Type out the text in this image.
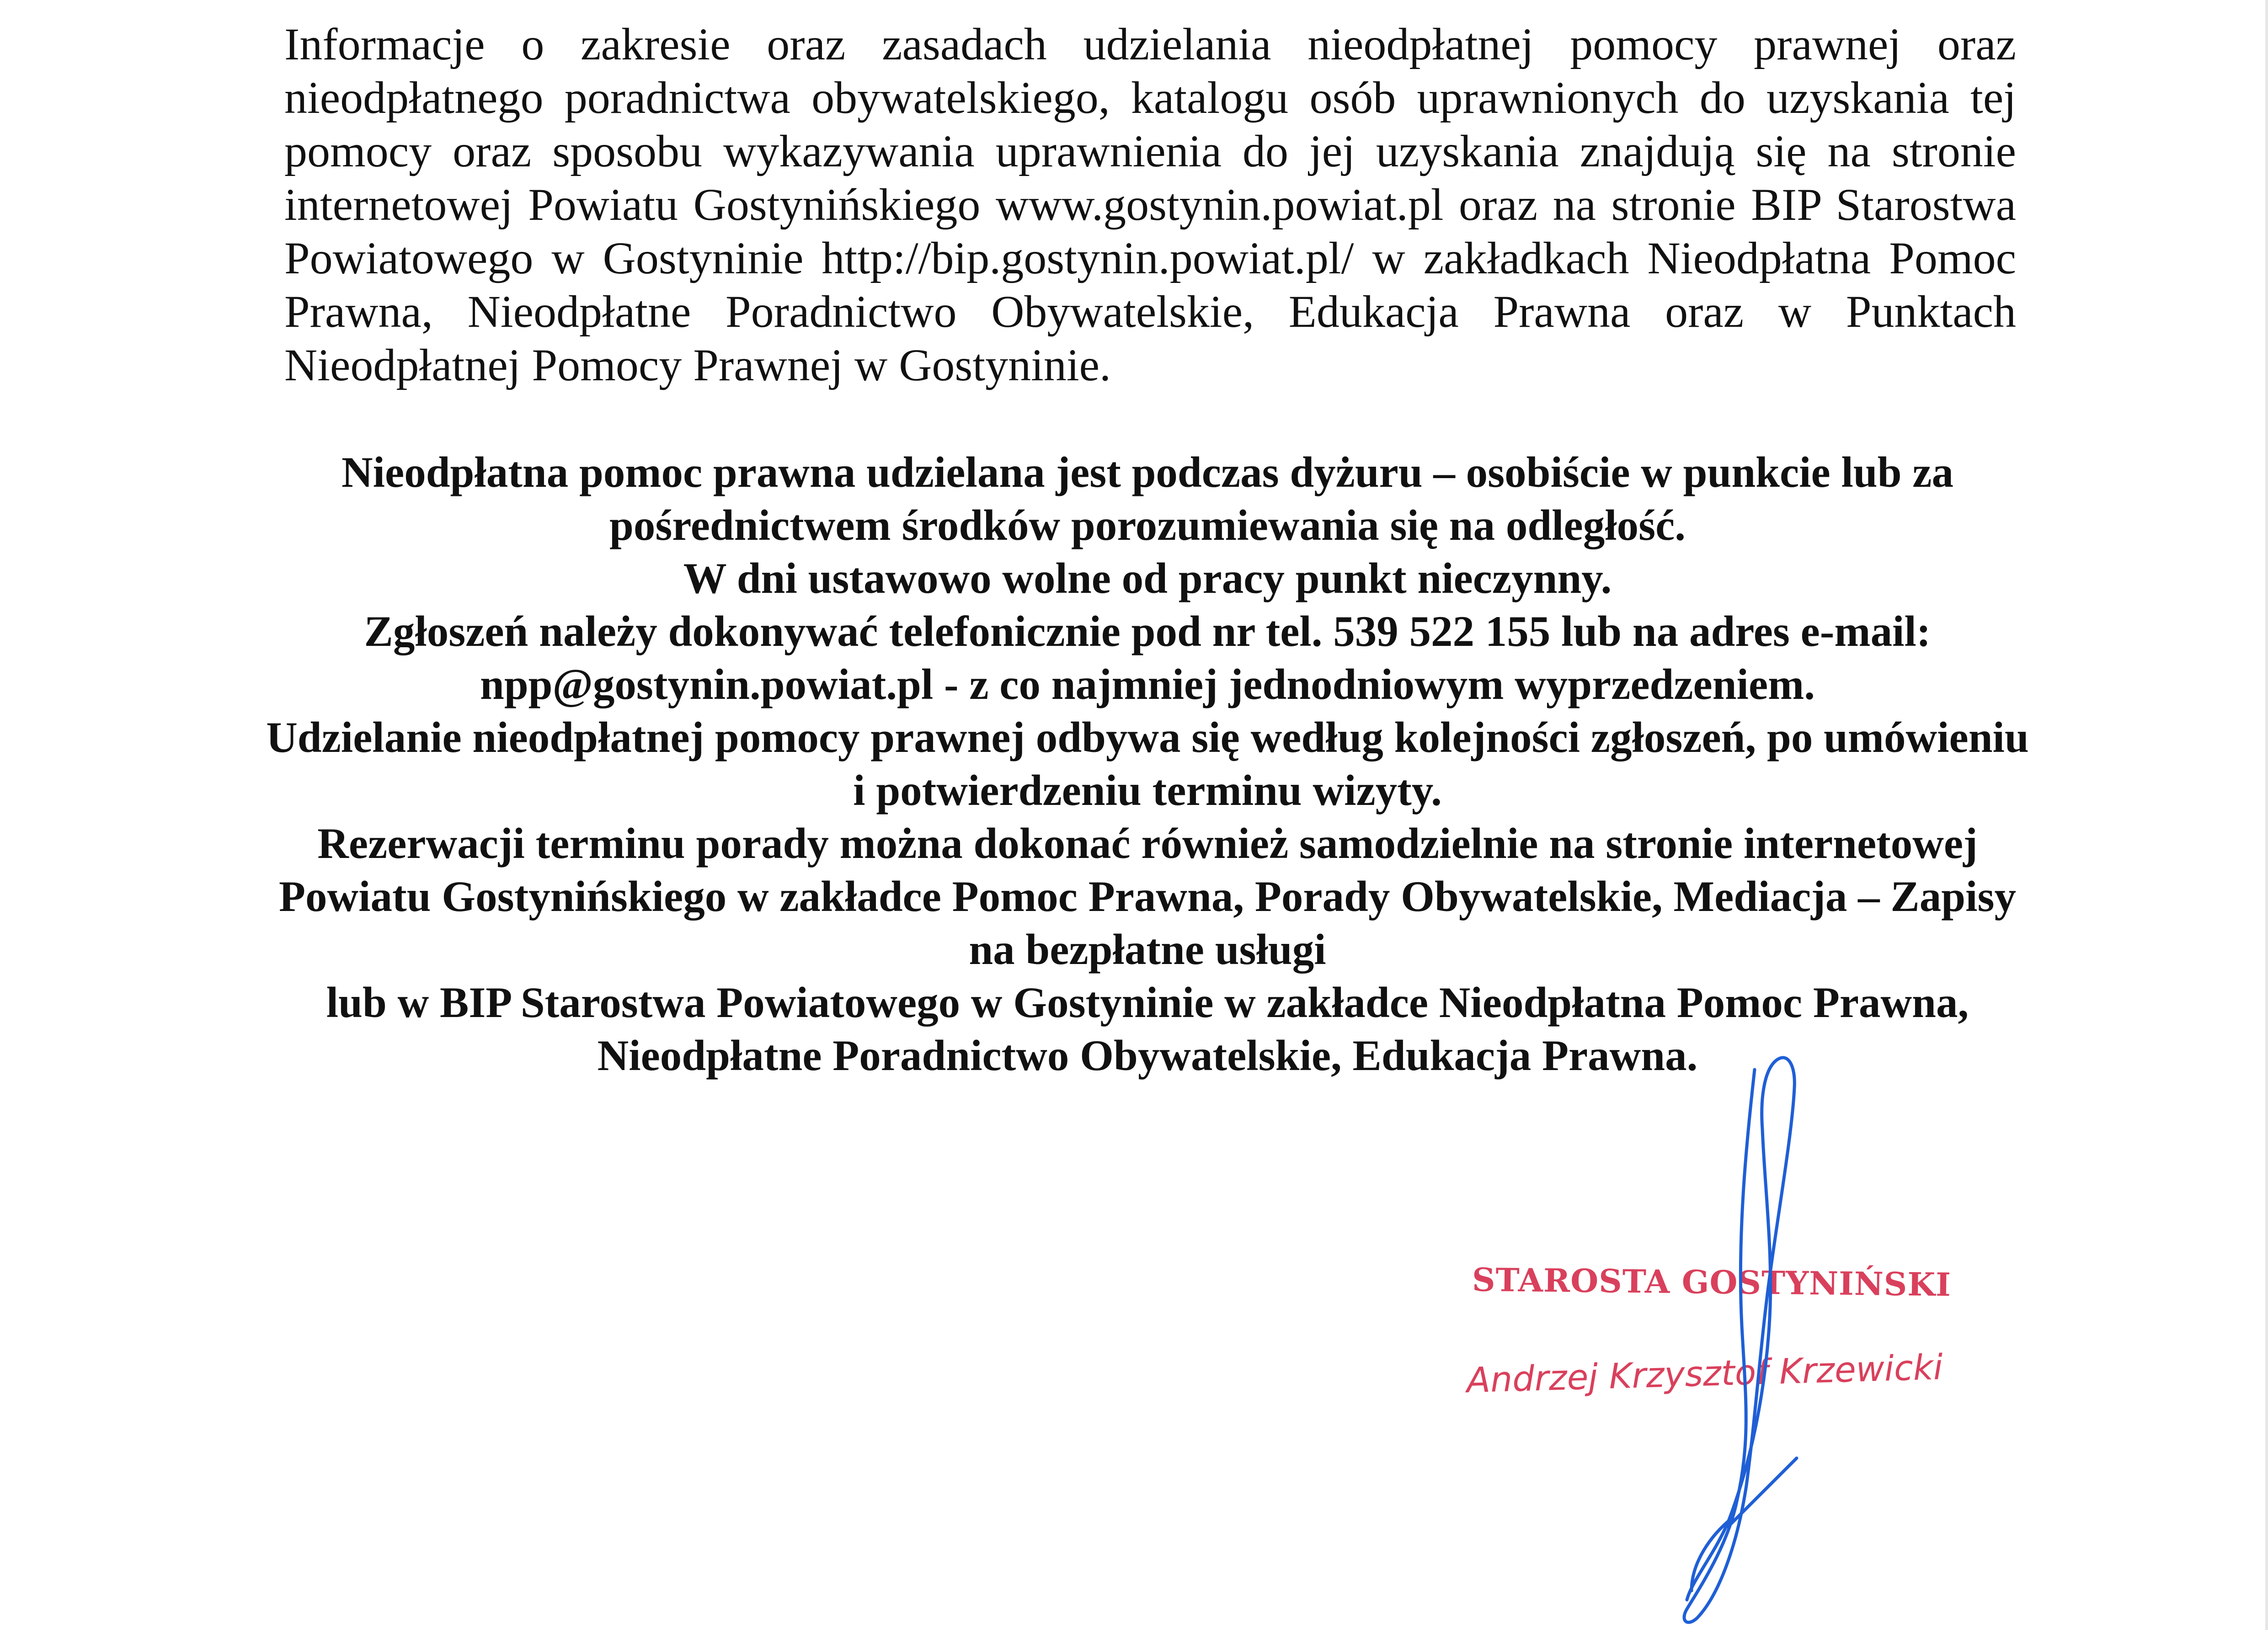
Informacje o zakresie oraz zasadach udzielania nieodpłatnej pomocy prawnej oraz nieodpłatnego poradnictwa obywatelskiego, katalogu osób uprawnionych do uzyskania tej pomocy oraz sposobu wykazywania uprawnienia do jej uzyskania znajdują się na stronie internetowej Powiatu Gostynińskiego www.gostynin.powiat.pl oraz na stronie BIP Starostwa Powiatowego w Gostyninie http://bip.gostynin.powiat.pl/ w zakładkach Nieodpłatna Pomoc Prawna, Nieodpłatne Poradnictwo Obywatelskie, Edukacja Prawna oraz w Punktach Nieodpłatnej Pomocy Prawnej w Gostyninie.

Nieodpłatna pomoc prawna udzielana jest podczas dyżuru – osobiście w punkcie lub za pośrednictwem środków porozumiewania się na odległość.

W dni ustawowo wolne od pracy punkt nieczynny.

Zgłoszeń należy dokonywać telefonicznie pod nr tel. 539 522 155 lub na adres e-mail: npp@gostynin.powiat.pl - z co najmniej jednodniowym wyprzedzeniem.

Udzielanie nieodpłatnej pomocy prawnej odbywa się według kolejności zgłoszeń, po umówieniu i potwierdzeniu terminu wizyty.

Rezerwacji terminu porady można dokonać również samodzielnie na stronie internetowej Powiatu Gostynińskiego w zakładce Pomoc Prawna, Porady Obywatelskie, Mediacja – Zapisy na bezpłatne usługi

lub w BIP Starostwa Powiatowego w Gostyninie w zakładce Nieodpłatna Pomoc Prawna, Nieodpłatne Poradnictwo Obywatelskie, Edukacja Prawna.

STAROSTA GOSTYNIŃSKI
Andrzej Krzysztof Krzewicki
